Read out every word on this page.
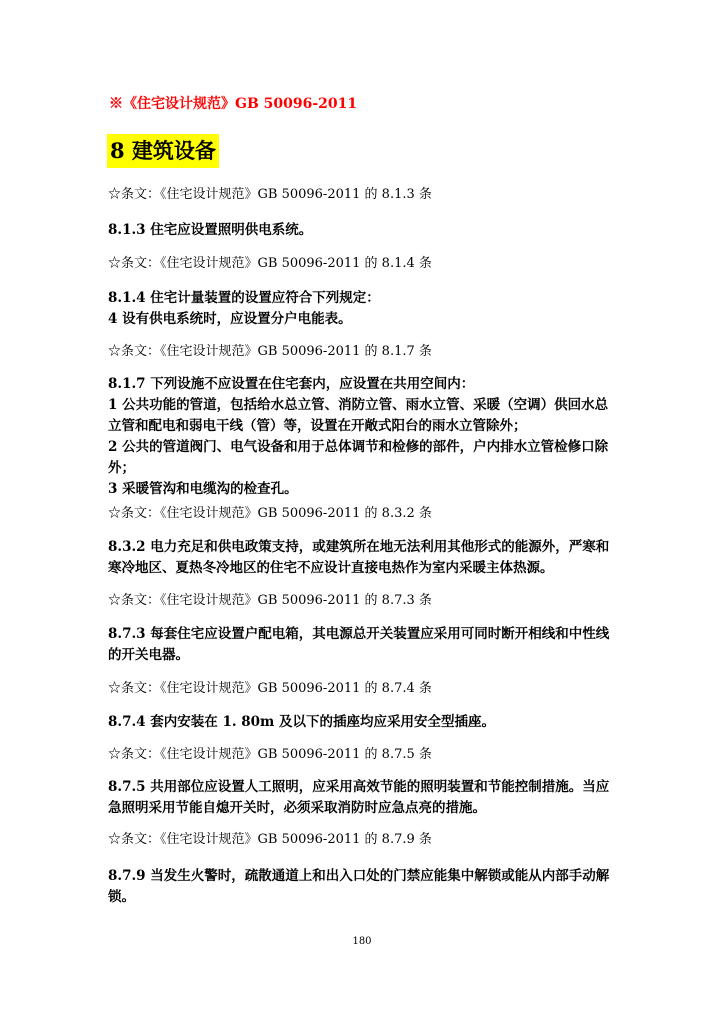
※《住宅设计规范》GB 50096-2011
8 建筑设备
☆条文：《住宅设计规范》GB 50096-2011 的 8.1.3 条

8.1.3 住宅应设置照明供电系统。

☆条文：《住宅设计规范》GB 50096-2011 的 8.1.4 条

8.1.4 住宅计量装置的设置应符合下列规定：

4 设有供电系统时，应设置分户电能表。

☆条文：《住宅设计规范》GB 50096-2011 的 8.1.7 条

8.1.7 下列设施不应设置在住宅套内，应设置在共用空间内：

1 公共功能的管道，包括给水总立管、消防立管、雨水立管、采暖（空调）供回水总立管和配电和弱电干线（管）等，设置在开敞式阳台的雨水立管除外；

2 公共的管道阀门、电气设备和用于总体调节和检修的部件，户内排水立管检修口除外；

3 采暖管沟和电缆沟的检查孔。

☆条文：《住宅设计规范》GB 50096-2011 的 8.3.2 条

8.3.2 电力充足和供电政策支持，或建筑所在地无法利用其他形式的能源外，严寒和寒冷地区、夏热冬冷地区的住宅不应设计直接电热作为室内采暖主体热源。

☆条文：《住宅设计规范》GB 50096-2011 的 8.7.3 条

8.7.3 每套住宅应设置户配电箱，其电源总开关装置应采用可同时断开相线和中性线的开关电器。

☆条文：《住宅设计规范》GB 50096-2011 的 8.7.4 条

8.7.4 套内安装在 1. 80m 及以下的插座均应采用安全型插座。

☆条文：《住宅设计规范》GB 50096-2011 的 8.7.5 条

8.7.5 共用部位应设置人工照明，应采用高效节能的照明装置和节能控制措施。当应急照明采用节能自熄开关时，必须采取消防时应急点亮的措施。

☆条文：《住宅设计规范》GB 50096-2011 的 8.7.9 条

8.7.9 当发生火警时，疏散通道上和出入口处的门禁应能集中解锁或能从内部手动解锁。

180
